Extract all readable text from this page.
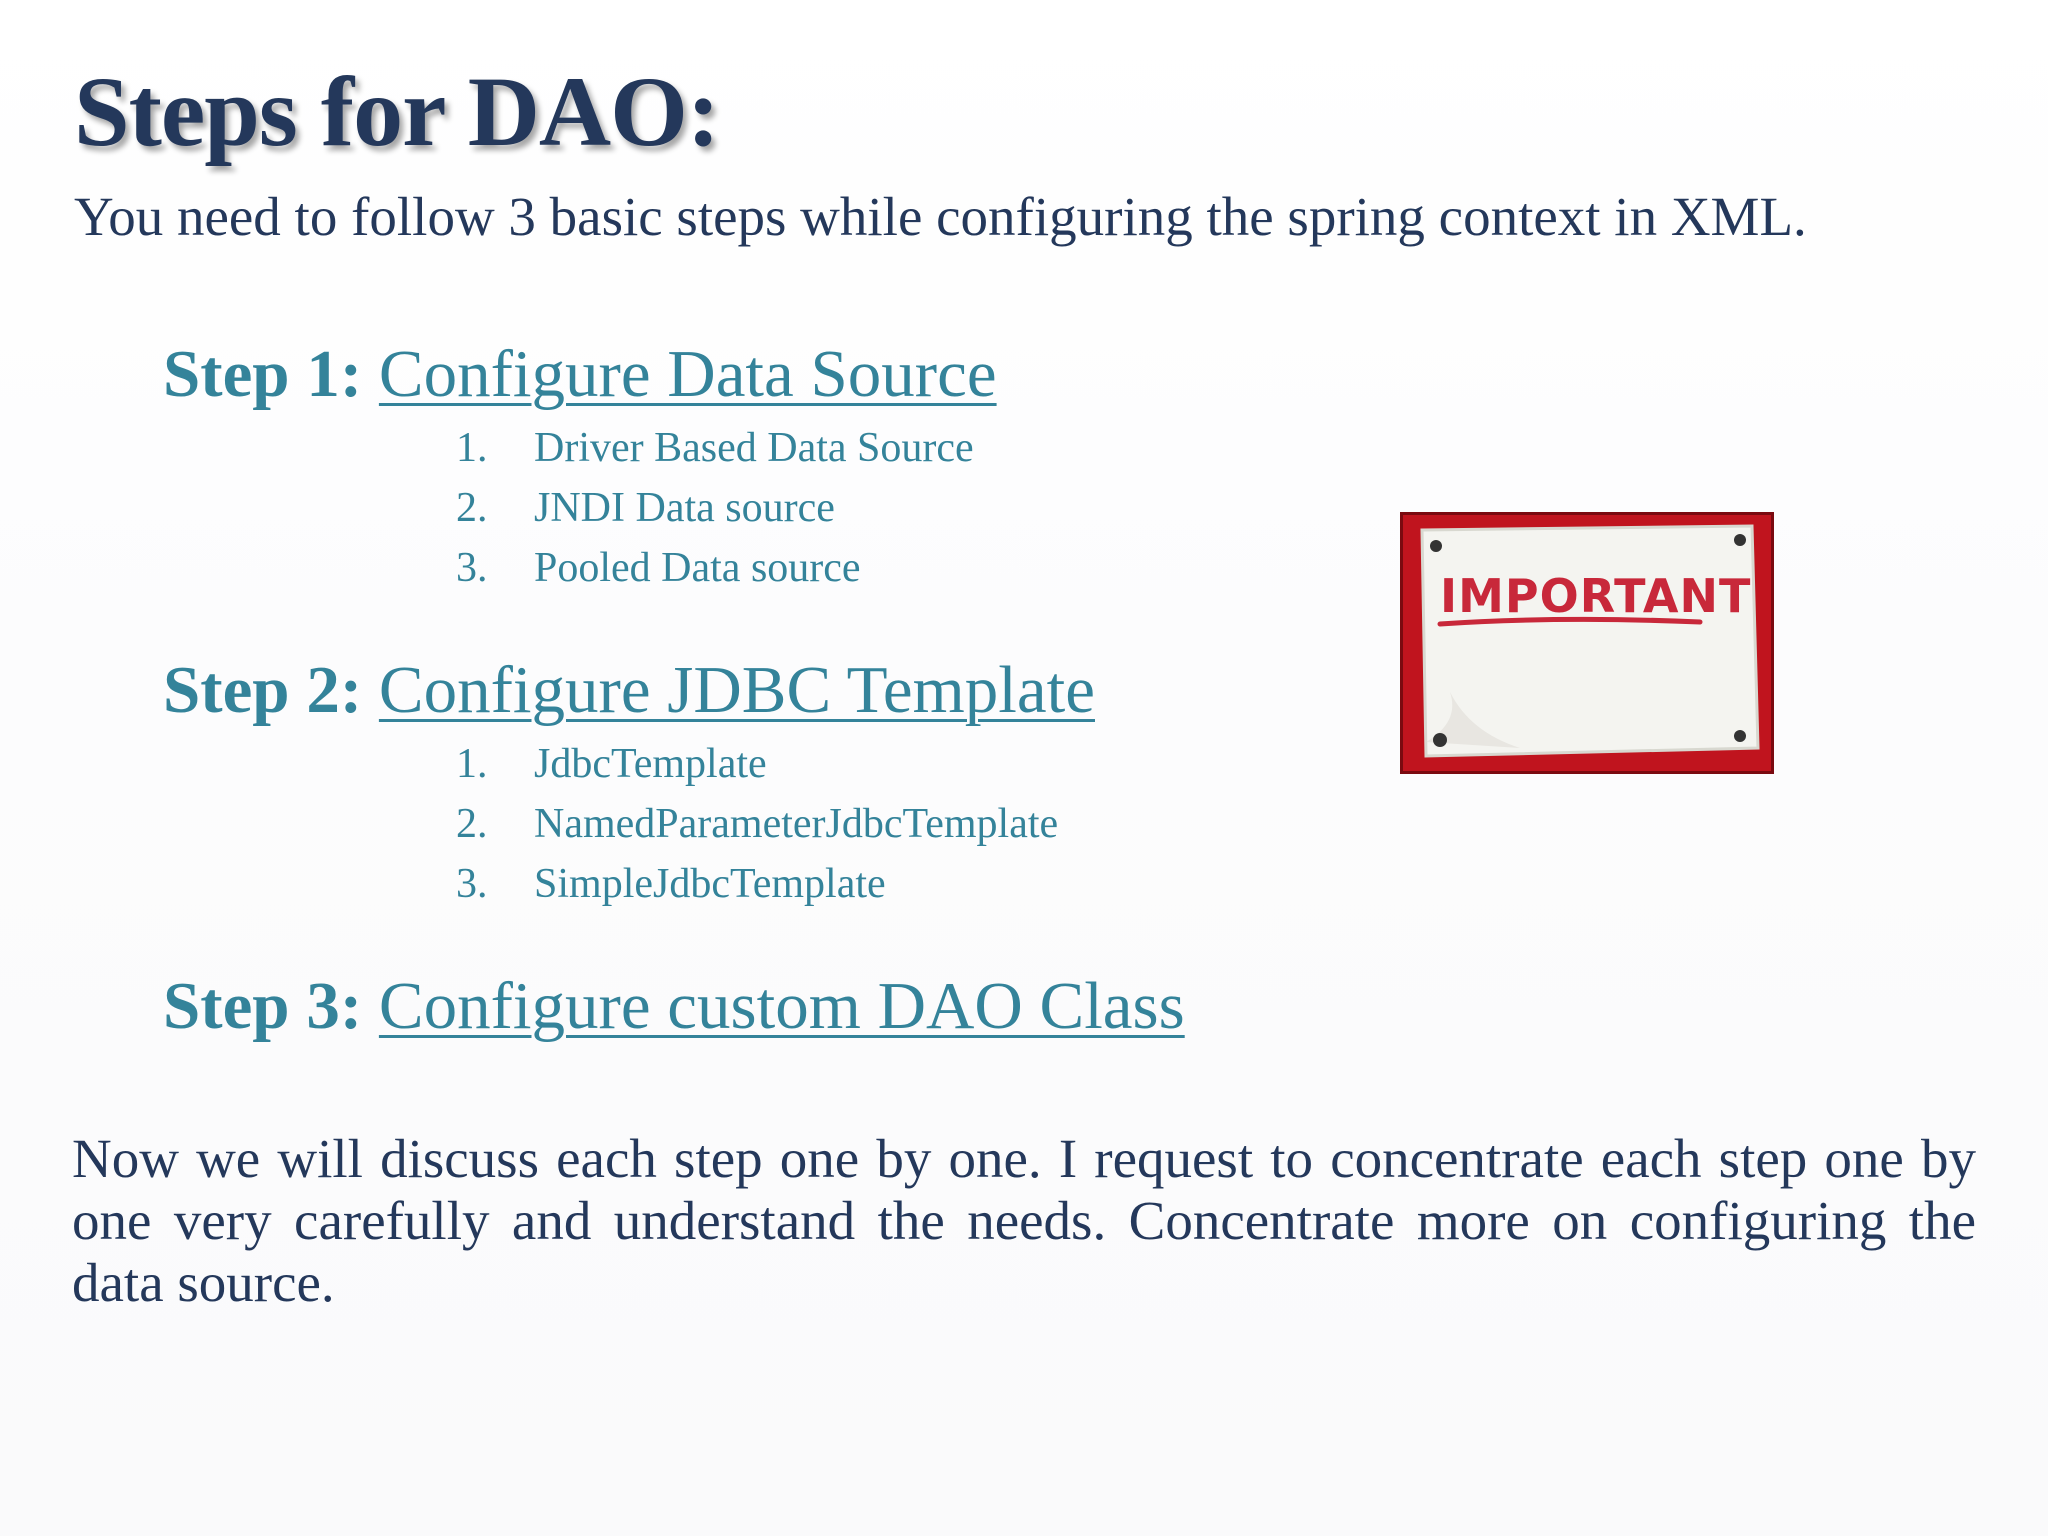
Steps for DAO:

You need to follow 3 basic steps while configuring the spring context in XML.

Step 1: Configure Data Source
1. Driver Based Data Source
2. JNDI Data source
3. Pooled Data source
Step 2: Configure JDBC Template
1. JdbcTemplate
2. NamedParameterJdbcTemplate
3. SimpleJdbcTemplate
Step 3: Configure custom DAO Class

Now we will discuss each step one by one. I request to concentrate each step one by one very carefully and understand the needs. Concentrate more on configuring the data source.

IMPORTANT
